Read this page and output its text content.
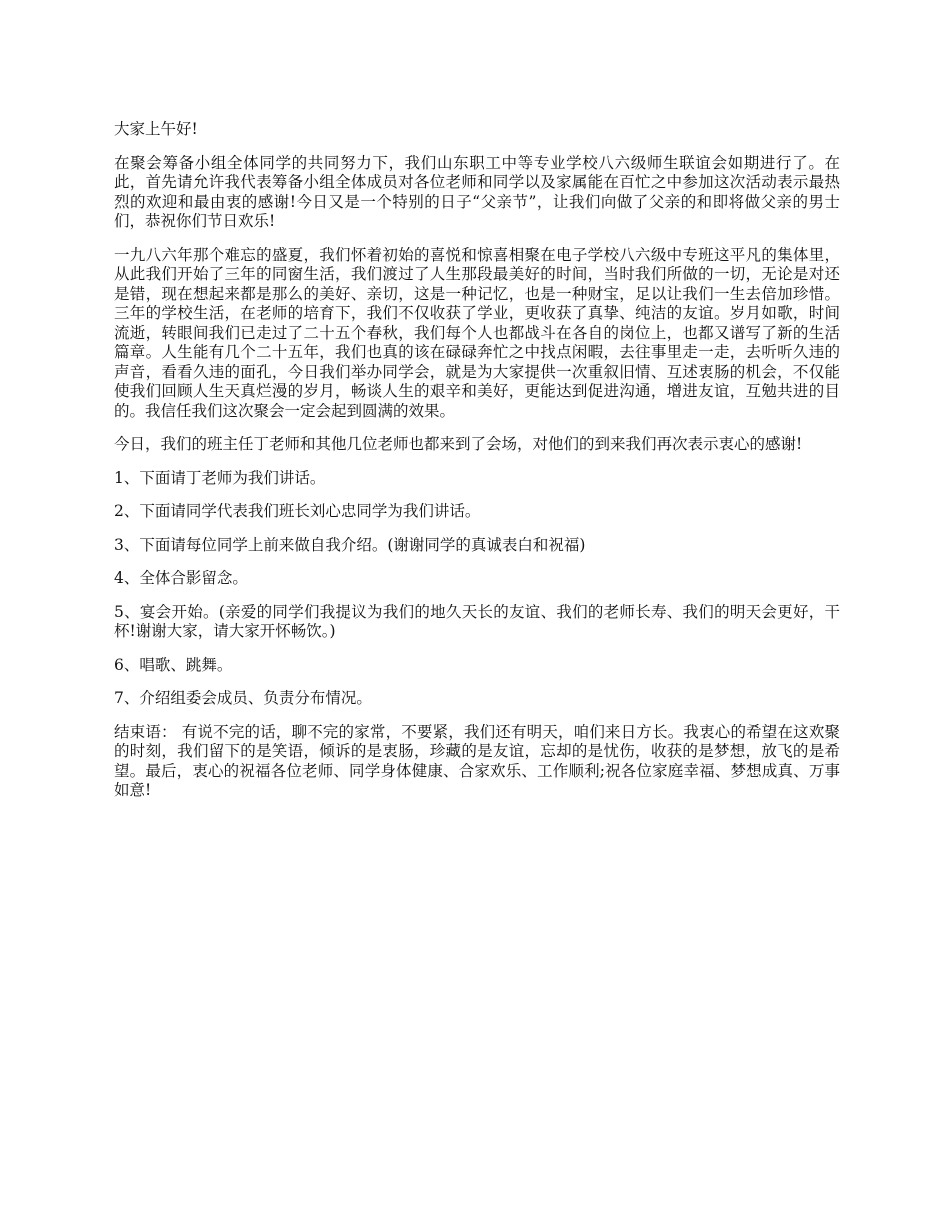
大家上午好!

在聚会筹备小组全体同学的共同努力下，我们山东职工中等专业学校八六级师生联谊会如期进行了。在此，首先请允许我代表筹备小组全体成员对各位老师和同学以及家属能在百忙之中参加这次活动表示最热烈的欢迎和最由衷的感谢!今日又是一个特别的日子“父亲节”，让我们向做了父亲的和即将做父亲的男士们，恭祝你们节日欢乐!

一九八六年那个难忘的盛夏，我们怀着初始的喜悦和惊喜相聚在电子学校八六级中专班这平凡的集体里，从此我们开始了三年的同窗生活，我们渡过了人生那段最美好的时间，当时我们所做的一切，无论是对还是错，现在想起来都是那么的美好、亲切，这是一种记忆，也是一种财宝，足以让我们一生去倍加珍惜。三年的学校生活，在老师的培育下，我们不仅收获了学业，更收获了真挚、纯洁的友谊。岁月如歌，时间流逝，转眼间我们已走过了二十五个春秋，我们每个人也都战斗在各自的岗位上，也都又谱写了新的生活篇章。人生能有几个二十五年，我们也真的该在碌碌奔忙之中找点闲暇，去往事里走一走，去听听久违的声音，看看久违的面孔，今日我们举办同学会，就是为大家提供一次重叙旧情、互述衷肠的机会，不仅能使我们回顾人生天真烂漫的岁月，畅谈人生的艰辛和美好，更能达到促进沟通，增进友谊，互勉共进的目的。我信任我们这次聚会一定会起到圆满的效果。

今日，我们的班主任丁老师和其他几位老师也都来到了会场，对他们的到来我们再次表示衷心的感谢!

1、下面请丁老师为我们讲话。

2、下面请同学代表我们班长刘心忠同学为我们讲话。

3、下面请每位同学上前来做自我介绍。(谢谢同学的真诚表白和祝福)

4、全体合影留念。

5、宴会开始。(亲爱的同学们我提议为我们的地久天长的友谊、我们的老师长寿、我们的明天会更好，干杯!谢谢大家，请大家开怀畅饮。)

6、唱歌、跳舞。

7、介绍组委会成员、负责分布情况。

结束语： 有说不完的话，聊不完的家常，不要紧，我们还有明天，咱们来日方长。我衷心的希望在这欢聚的时刻，我们留下的是笑语，倾诉的是衷肠，珍藏的是友谊，忘却的是忧伤，收获的是梦想，放飞的是希望。最后，衷心的祝福各位老师、同学身体健康、合家欢乐、工作顺利;祝各位家庭幸福、梦想成真、万事如意!
